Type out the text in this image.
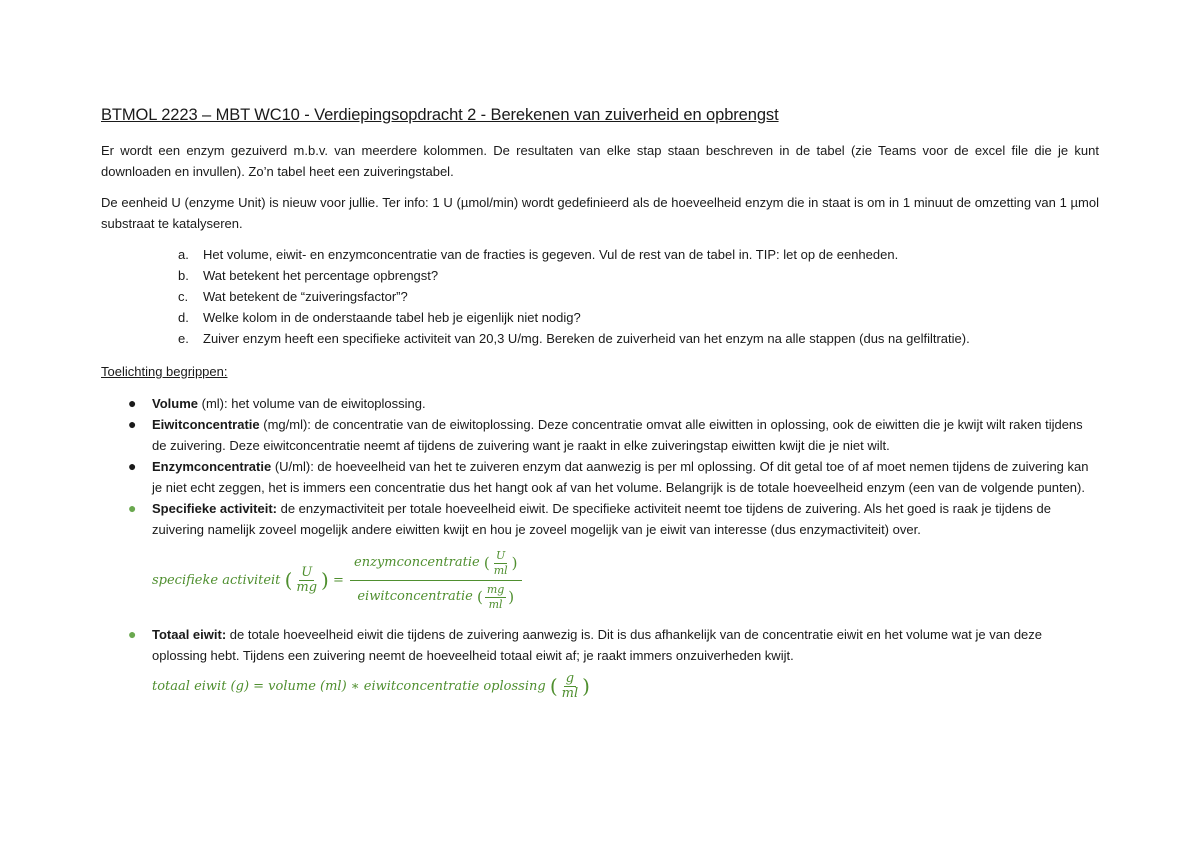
BTMOL 2223 – MBT WC10 - Verdiepingsopdracht 2 - Berekenen van zuiverheid en opbrengst

Er wordt een enzym gezuiverd m.b.v. van meerdere kolommen. De resultaten van elke stap staan beschreven in de tabel (zie Teams voor de excel file die je kunt downloaden en invullen). Zo’n tabel heet een zuiveringstabel.

De eenheid U (enzyme Unit) is nieuw voor jullie. Ter info: 1 U (µmol/min) wordt gedefinieerd als de hoeveelheid enzym die in staat is om in 1 minuut de omzetting van 1 µmol substraat te katalyseren.

a.	Het volume, eiwit- en enzymconcentratie van de fracties is gegeven. Vul de rest van de tabel in. TIP: let op de eenheden.
b.	Wat betekent het percentage opbrengst?
c.	Wat betekent de “zuiveringsfactor”?
d.	Welke kolom in de onderstaande tabel heb je eigenlijk niet nodig?
e.	Zuiver enzym heeft een specifieke activiteit van 20,3 U/mg. Bereken de zuiverheid van het enzym na alle stappen (dus na gelfiltratie).
Toelichting begrippen:
● Volume (ml): het volume van de eiwitoplossing.
● Eiwitconcentratie (mg/ml): de concentratie van de eiwitoplossing. Deze concentratie omvat alle eiwitten in oplossing, ook de eiwitten die je kwijt wilt raken tijdens de zuivering. Deze eiwitconcentratie neemt af tijdens de zuivering want je raakt in elke zuiveringstap eiwitten kwijt die je niet wilt.
● Enzymconcentratie (U/ml): de hoeveelheid van het te zuiveren enzym dat aanwezig is per ml oplossing. Of dit getal toe of af moet nemen tijdens de zuivering kan je niet echt zeggen, het is immers een concentratie dus het hangt ook af van het volume. Belangrijk is de totale hoeveelheid enzym (een van de volgende punten).
● Specifieke activiteit: de enzymactiviteit per totale hoeveelheid eiwit. De specifieke activiteit neemt toe tijdens de zuivering. Als het goed is raak je tijdens de zuivering namelijk zoveel mogelijk andere eiwitten kwijt en hou je zoveel mogelijk van je eiwit van interesse (dus enzymactiviteit) over.
specifieke activiteit
( $\frac{U}{mg}$ ) = enzymconcentratie
( $\frac{U}{ml}$ )
eiwitconcentratie
( $\frac{mg}{ml}$ )
● Totaal eiwit: de totale hoeveelheid eiwit die tijdens de zuivering aanwezig is. Dit is dus afhankelijk van de concentratie eiwit en het volume wat je van deze oplossing hebt. Tijdens een zuivering neemt de hoeveelheid totaal eiwit af; je raakt immers onzuiverheden kwijt.
totaal eiwit (g) = volume (ml) ∗ eiwitconcentratie oplossing
( $\frac{g}{ml}$ )
